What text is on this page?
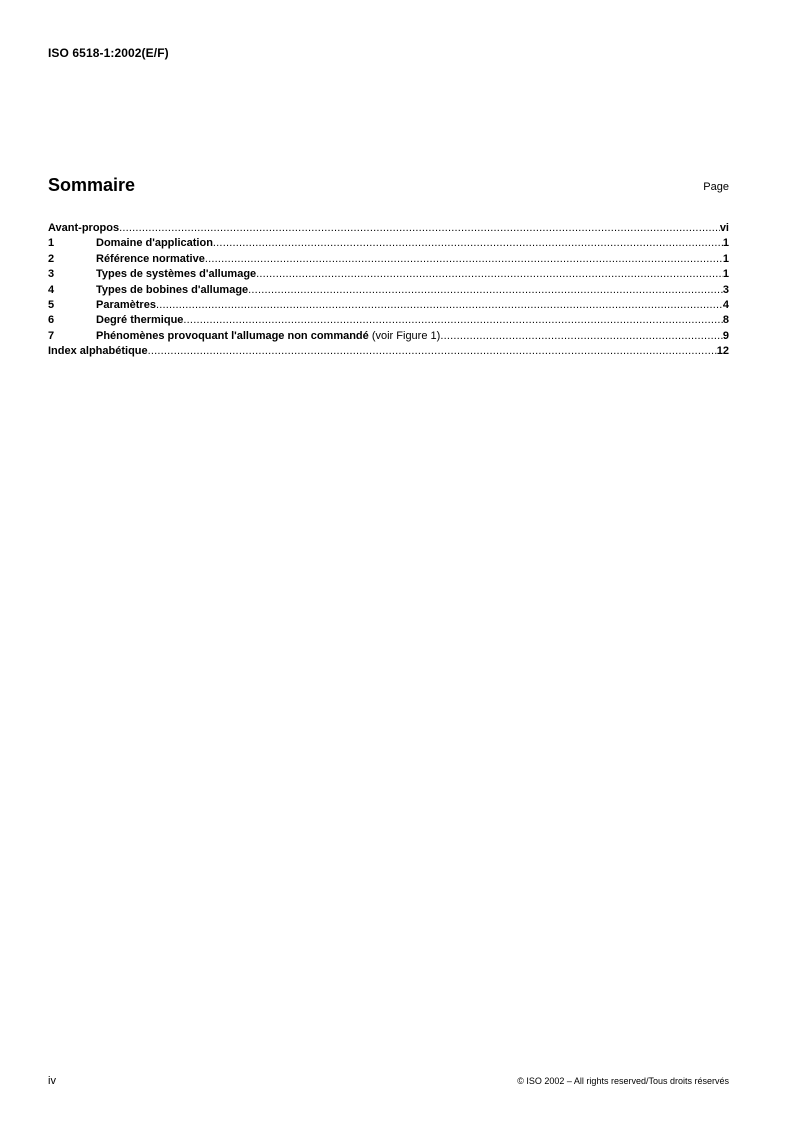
ISO 6518-1:2002(E/F)
Sommaire	Page
Avant-propos .....	vi
1	Domaine d'application .....	1
2	Référence normative .....	1
3	Types de systèmes d'allumage .....	1
4	Types de bobines d'allumage .....	3
5	Paramètres .....	4
6	Degré thermique .....	8
7	Phénomènes provoquant l'allumage non commandé (voir Figure 1) .....	9
Index alphabétique .....	12
iv	© ISO 2002 – All rights reserved/Tous droits réservés
